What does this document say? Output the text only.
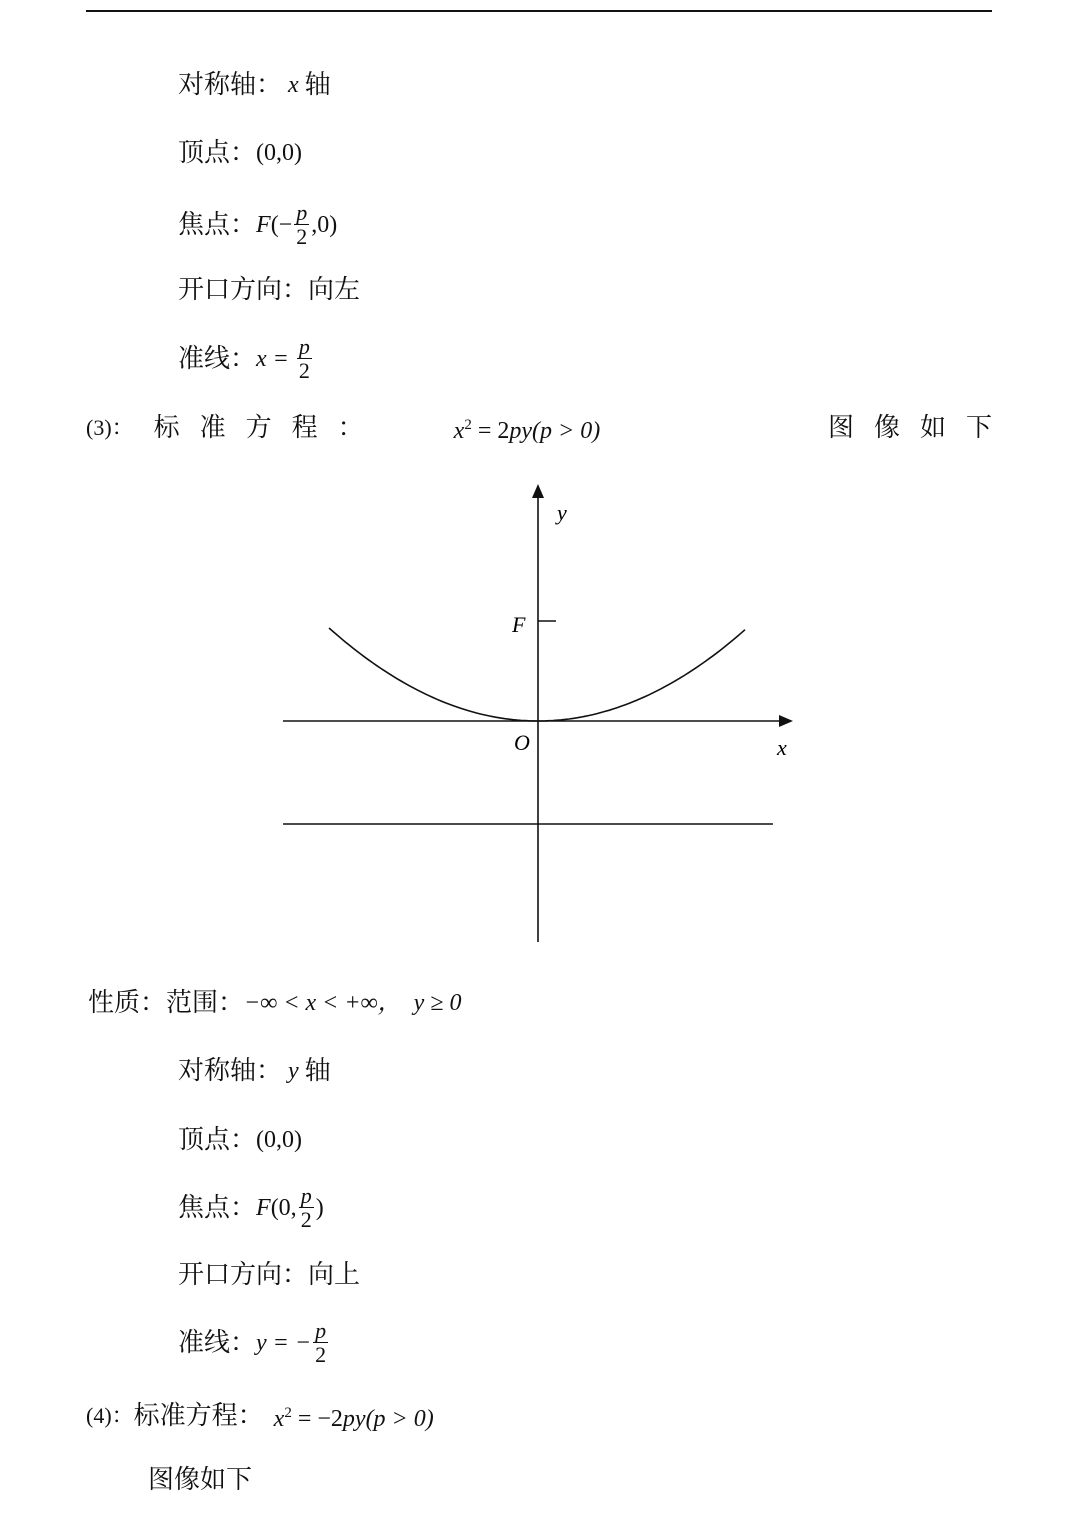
对称轴： x 轴
顶点： (0,0)
焦点： F (− $\frac{p}{2} ,0$)
开口方向： 向左
准线： $x = \frac{p}{2}$
(3)： 标准方程：	$x^2 = 2py(p > 0)$	图像如下
y
F
O	x
性质： 范围： −∞ < x < +∞，  y ≥ 0
对称轴： y 轴
顶点： (0,0)
焦点： F (0, $\frac{p}{2}$ )
开口方向： 向上
准线： y = − $\frac{p}{2}$
(4)： 标准方程： $x^2 = -2py(p > 0)$
图像如下
